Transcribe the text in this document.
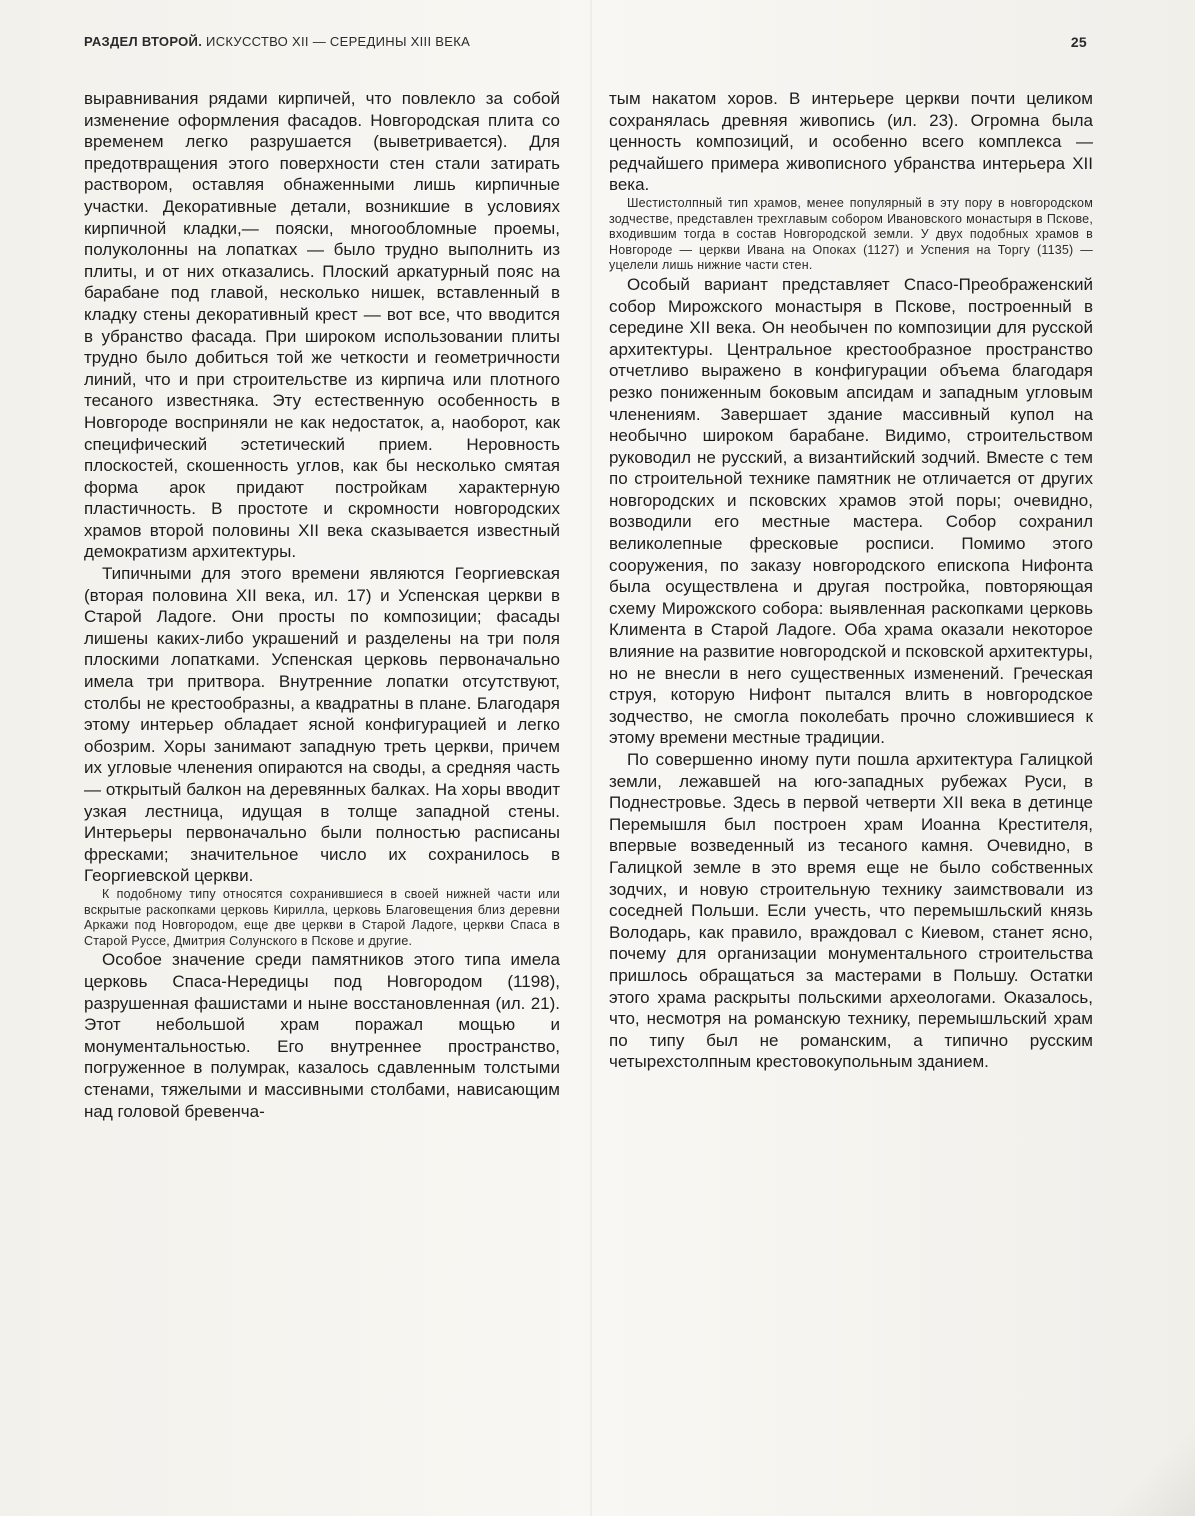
РАЗДЕЛ ВТОРОЙ. ИСКУССТВО XII — СЕРЕДИНЫ XIII ВЕКА	25

выравнивания рядами кирпичей, что повлекло за собой изменение оформления фасадов. Новгородская плита со временем легко разрушается (выветривается). Для предотвращения этого поверхности стен стали затирать раствором, оставляя обнаженными лишь кирпичные участки. Декоративные детали, возникшие в условиях кирпичной кладки,— пояски, многообломные проемы, полуколонны на лопатках — было трудно выполнить из плиты, и от них отказались. Плоский аркатурный пояс на барабане под главой, несколько нишек, вставленный в кладку стены декоративный крест — вот все, что вводится в убранство фасада. При широком использовании плиты трудно было добиться той же четкости и геометричности линий, что и при строительстве из кирпича или плотного тесаного известняка. Эту естественную особенность в Новгороде восприняли не как недостаток, а, наоборот, как специфический эстетический прием. Неровность плоскостей, скошенность углов, как бы несколько смятая форма арок придают постройкам характерную пластичность. В простоте и скромности новгородских храмов второй половины XII века сказывается известный демократизм архитектуры.

Типичными для этого времени являются Георгиевская (вторая половина XII века, ил. 17) и Успенская церкви в Старой Ладоге. Они просты по композиции; фасады лишены каких-либо украшений и разделены на три поля плоскими лопатками. Успенская церковь первоначально имела три притвора. Внутренние лопатки отсутствуют, столбы не крестообразны, а квадратны в плане. Благодаря этому интерьер обладает ясной конфигурацией и легко обозрим. Хоры занимают западную треть церкви, причем их угловые членения опираются на своды, а средняя часть — открытый балкон на деревянных балках. На хоры вводит узкая лестница, идущая в толще западной стены. Интерьеры первоначально были полностью расписаны фресками; значительное число их сохранилось в Георгиевской церкви.

К подобному типу относятся сохранившиеся в своей нижней части или вскрытые раскопками церковь Кирилла, церковь Благовещения близ деревни Аркажи под Новгородом, еще две церкви в Старой Ладоге, церкви Спаса в Старой Руссе, Дмитрия Солунского в Пскове и другие.

Особое значение среди памятников этого типа имела церковь Спаса-Нередицы под Новгородом (1198), разрушенная фашистами и ныне восстановленная (ил. 21). Этот небольшой храм поражал мощью и монументальностью. Его внутреннее пространство, погруженное в полумрак, казалось сдавленным толстыми стенами, тяжелыми и массивными столбами, нависающим над головой бревенча-

тым накатом хоров. В интерьере церкви почти целиком сохранялась древняя живопись (ил. 23). Огромна была ценность композиций, и особенно всего комплекса — редчайшего примера живописного убранства интерьера XII века.

Шестистолпный тип храмов, менее популярный в эту пору в новгородском зодчестве, представлен трехглавым собором Ивановского монастыря в Пскове, входившим тогда в состав Новгородской земли. У двух подобных храмов в Новгороде — церкви Ивана на Опоках (1127) и Успения на Торгу (1135) — уцелели лишь нижние части стен.

Особый вариант представляет Спасо-Преображенский собор Мирожского монастыря в Пскове, построенный в середине XII века. Он необычен по композиции для русской архитектуры. Центральное крестообразное пространство отчетливо выражено в конфигурации объема благодаря резко пониженным боковым апсидам и западным угловым членениям. Завершает здание массивный купол на необычно широком барабане. Видимо, строительством руководил не русский, а византийский зодчий. Вместе с тем по строительной технике памятник не отличается от других новгородских и псковских храмов этой поры; очевидно, возводили его местные мастера. Собор сохранил великолепные фресковые росписи. Помимо этого сооружения, по заказу новгородского епископа Нифонта была осуществлена и другая постройка, повторяющая схему Мирожского собора: выявленная раскопками церковь Климента в Старой Ладоге. Оба храма оказали некоторое влияние на развитие новгородской и псковской архитектуры, но не внесли в него существенных изменений. Греческая струя, которую Нифонт пытался влить в новгородское зодчество, не смогла поколебать прочно сложившиеся к этому времени местные традиции.

По совершенно иному пути пошла архитектура Галицкой земли, лежавшей на юго-западных рубежах Руси, в Поднестровье. Здесь в первой четверти XII века в детинце Перемышля был построен храм Иоанна Крестителя, впервые возведенный из тесаного камня. Очевидно, в Галицкой земле в это время еще не было собственных зодчих, и новую строительную технику заимствовали из соседней Польши. Если учесть, что перемышльский князь Володарь, как правило, враждовал с Киевом, станет ясно, почему для организации монументального строительства пришлось обращаться за мастерами в Польшу. Остатки этого храма раскрыты польскими археологами. Оказалось, что, несмотря на романскую технику, перемышльский храм по типу был не романским, а типично русским четырехстолпным крестовокупольным зданием.
